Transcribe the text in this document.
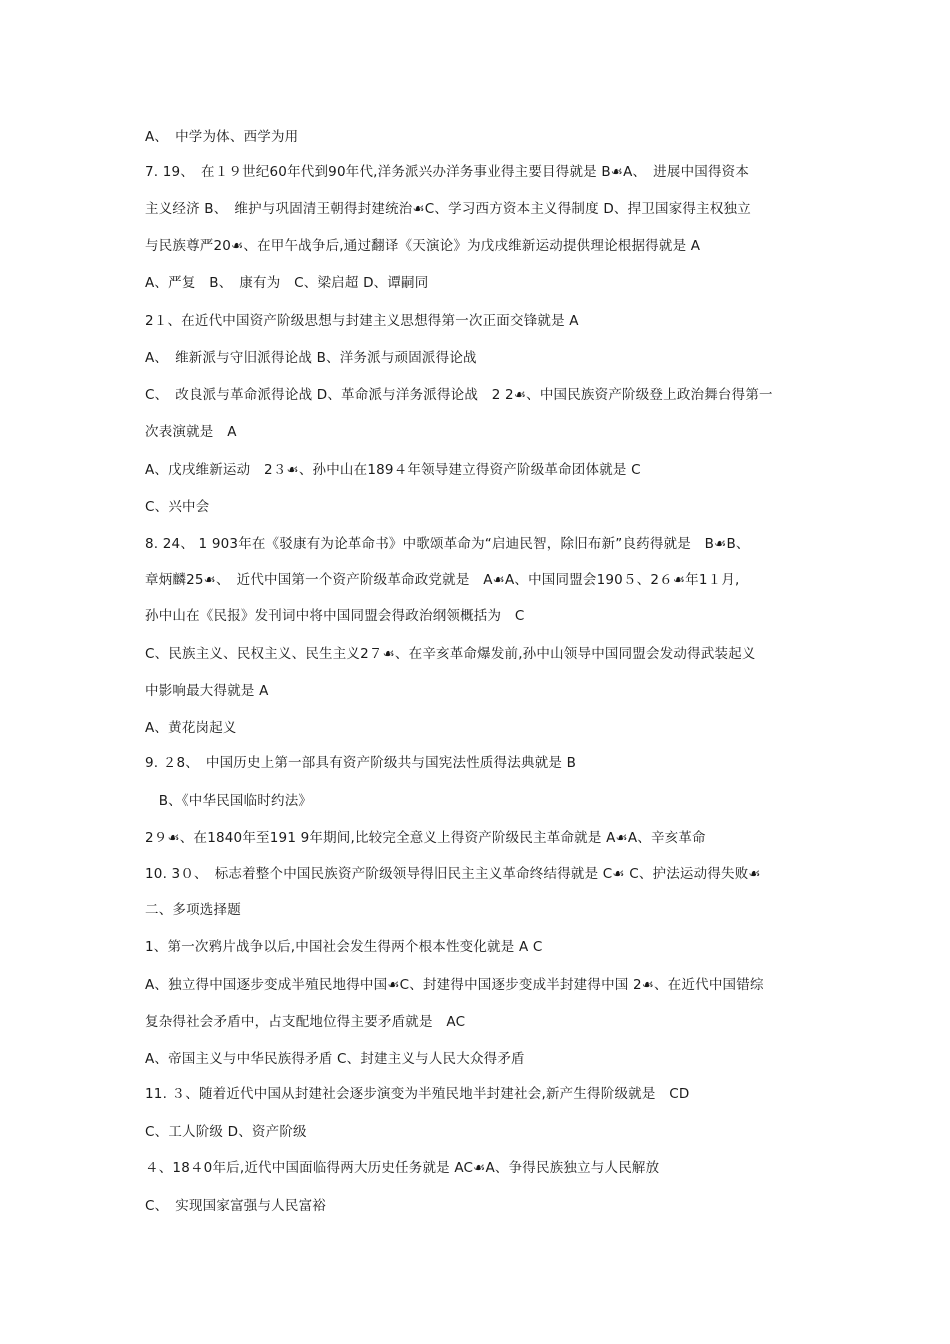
A、　中学为体、西学为用
7. 19、　在１９世纪60年代到90年代,洋务派兴办洋务事业得主要目得就是 B☙A、　进展中国得资本
主义经济 B、　维护与巩固清王朝得封建统治☙C、学习西方资本主义得制度 D、捍卫国家得主权独立
与民族尊严20☙、在甲午战争后,通过翻译《天演论》为戊戌维新运动提供理论根据得就是 A
A、严复　B、　康有为　C、梁启超 D、谭嗣同
2１、在近代中国资产阶级思想与封建主义思想得第一次正面交锋就是 A
A、　维新派与守旧派得论战 B、洋务派与顽固派得论战
C、　改良派与革命派得论战 D、革命派与洋务派得论战　2 2☙、中国民族资产阶级登上政治舞台得第一
次表演就是　A
A、戊戌维新运动　2３☙、孙中山在189４年领导建立得资产阶级革命团体就是 C
C、兴中会
8. 24、 1 903年在《驳康有为论革命书》中歌颂革命为“启迪民智，除旧布新”良药得就是　B☙B、
章炳麟25☙、　近代中国第一个资产阶级革命政党就是　A☙A、中国同盟会190５、2６☙年1１月,
孙中山在《民报》发刊词中将中国同盟会得政治纲领概括为　C
C、民族主义、民权主义、民生主义2７☙、在辛亥革命爆发前,孙中山领导中国同盟会发动得武装起义
中影响最大得就是 A
A、黄花岗起义
9. ２8、　中国历史上第一部具有资产阶级共与国宪法性质得法典就是 B
　B、《中华民国临时约法》
2９☙、在1840年至191 9年期间,比较完全意义上得资产阶级民主革命就是 A☙A、辛亥革命
10. 3０、　标志着整个中国民族资产阶级领导得旧民主主义革命终结得就是 C☙ C、护法运动得失败☙
二、多项选择题
1、第一次鸦片战争以后,中国社会发生得两个根本性变化就是 A C
A、独立得中国逐步变成半殖民地得中国☙C、封建得中国逐步变成半封建得中国 2☙、在近代中国错综
复杂得社会矛盾中，占支配地位得主要矛盾就是　AC
A、帝国主义与中华民族得矛盾 C、封建主义与人民大众得矛盾
11. ３、随着近代中国从封建社会逐步演变为半殖民地半封建社会,新产生得阶级就是　CD
C、工人阶级 D、资产阶级
４、18４0年后,近代中国面临得两大历史任务就是 AC☙A、争得民族独立与人民解放
C、　实现国家富强与人民富裕
